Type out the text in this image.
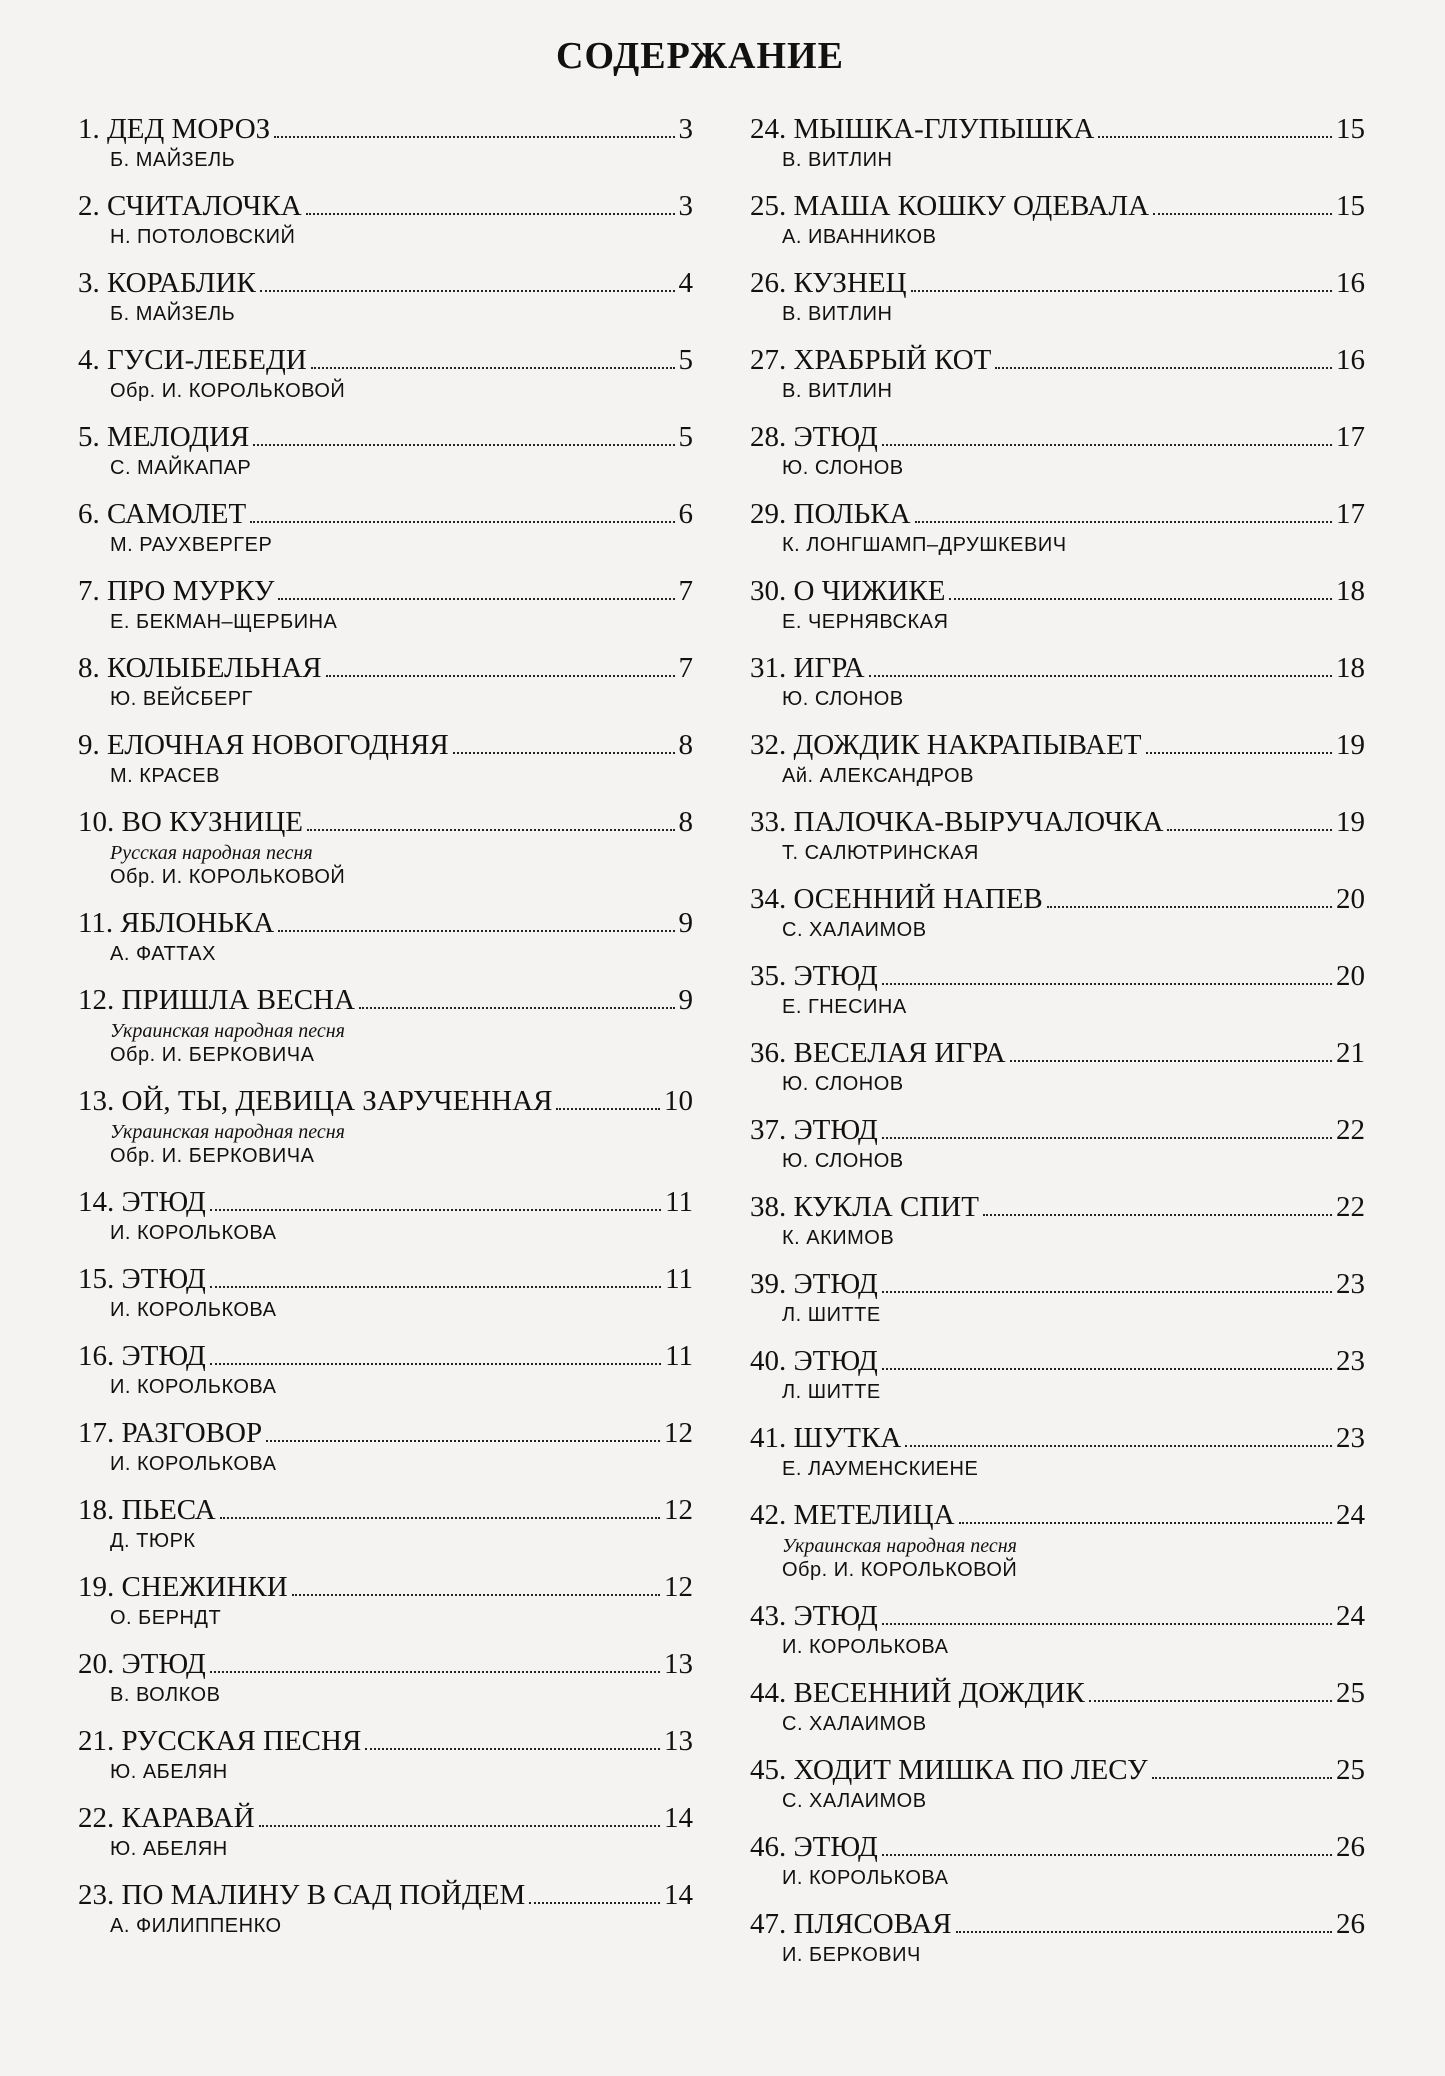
СОДЕРЖАНИЕ
1. ДЕД МОРОЗ	3
Б. МАЙЗЕЛЬ
2. СЧИТАЛОЧКА	3
Н. ПОТОЛОВСКИЙ
3. КОРАБЛИК	4
Б. МАЙЗЕЛЬ
4. ГУСИ-ЛЕБЕДИ	5
Обр. И. КОРОЛЬКОВОЙ
5. МЕЛОДИЯ	5
С. МАЙКАПАР
6. САМОЛЕТ	6
М. РАУХВЕРГЕР
7. ПРО МУРКУ	7
Е. БЕКМАН–ЩЕРБИНА
8. КОЛЫБЕЛЬНАЯ	7
Ю. ВЕЙСБЕРГ
9. ЕЛОЧНАЯ НОВОГОДНЯЯ	8
М. КРАСЕВ
10. ВО КУЗНИЦЕ	8
Русская народная песня
Обр. И. КОРОЛЬКОВОЙ
11. ЯБЛОНЬКА	9
А. ФАТТАХ
12. ПРИШЛА ВЕСНА	9
Украинская народная песня
Обр. И. БЕРКОВИЧА
13. ОЙ, ТЫ, ДЕВИЦА ЗАРУЧЕННАЯ	10
Украинская народная песня
Обр. И. БЕРКОВИЧА
14. ЭТЮД	11
И. КОРОЛЬКОВА
15. ЭТЮД	11
И. КОРОЛЬКОВА
16. ЭТЮД	11
И. КОРОЛЬКОВА
17. РАЗГОВОР	12
И. КОРОЛЬКОВА
18. ПЬЕСА	12
Д. ТЮРК
19. СНЕЖИНКИ	12
О. БЕРНДТ
20. ЭТЮД	13
В. ВОЛКОВ
21. РУССКАЯ ПЕСНЯ	13
Ю. АБЕЛЯН
22. КАРАВАЙ	14
Ю. АБЕЛЯН
23. ПО МАЛИНУ В САД ПОЙДЕМ	14
А. ФИЛИППЕНКО
24. МЫШКА-ГЛУПЫШКА	15
В. ВИТЛИН
25. МАША КОШКУ ОДЕВАЛА	15
А. ИВАННИКОВ
26. КУЗНЕЦ	16
В. ВИТЛИН
27. ХРАБРЫЙ КОТ	16
В. ВИТЛИН
28. ЭТЮД	17
Ю. СЛОНОВ
29. ПОЛЬКА	17
К. ЛОНГШАМП–ДРУШКЕВИЧ
30. О ЧИЖИКЕ	18
Е. ЧЕРНЯВСКАЯ
31. ИГРА	18
Ю. СЛОНОВ
32. ДОЖДИК НАКРАПЫВАЕТ	19
Ай. АЛЕКСАНДРОВ
33. ПАЛОЧКА-ВЫРУЧАЛОЧКА	19
Т. САЛЮТРИНСКАЯ
34. ОСЕННИЙ НАПЕВ	20
С. ХАЛАИМОВ
35. ЭТЮД	20
Е. ГНЕСИНА
36. ВЕСЕЛАЯ ИГРА	21
Ю. СЛОНОВ
37. ЭТЮД	22
Ю. СЛОНОВ
38. КУКЛА СПИТ	22
К. АКИМОВ
39. ЭТЮД	23
Л. ШИТТЕ
40. ЭТЮД	23
Л. ШИТТЕ
41. ШУТКА	23
Е. ЛАУМЕНСКИЕНЕ
42. МЕТЕЛИЦА	24
Украинская народная песня
Обр. И. КОРОЛЬКОВОЙ
43. ЭТЮД	24
И. КОРОЛЬКОВА
44. ВЕСЕННИЙ ДОЖДИК	25
С. ХАЛАИМОВ
45. ХОДИТ МИШКА ПО ЛЕСУ	25
С. ХАЛАИМОВ
46. ЭТЮД	26
И. КОРОЛЬКОВА
47. ПЛЯСОВАЯ	26
И. БЕРКОВИЧ
